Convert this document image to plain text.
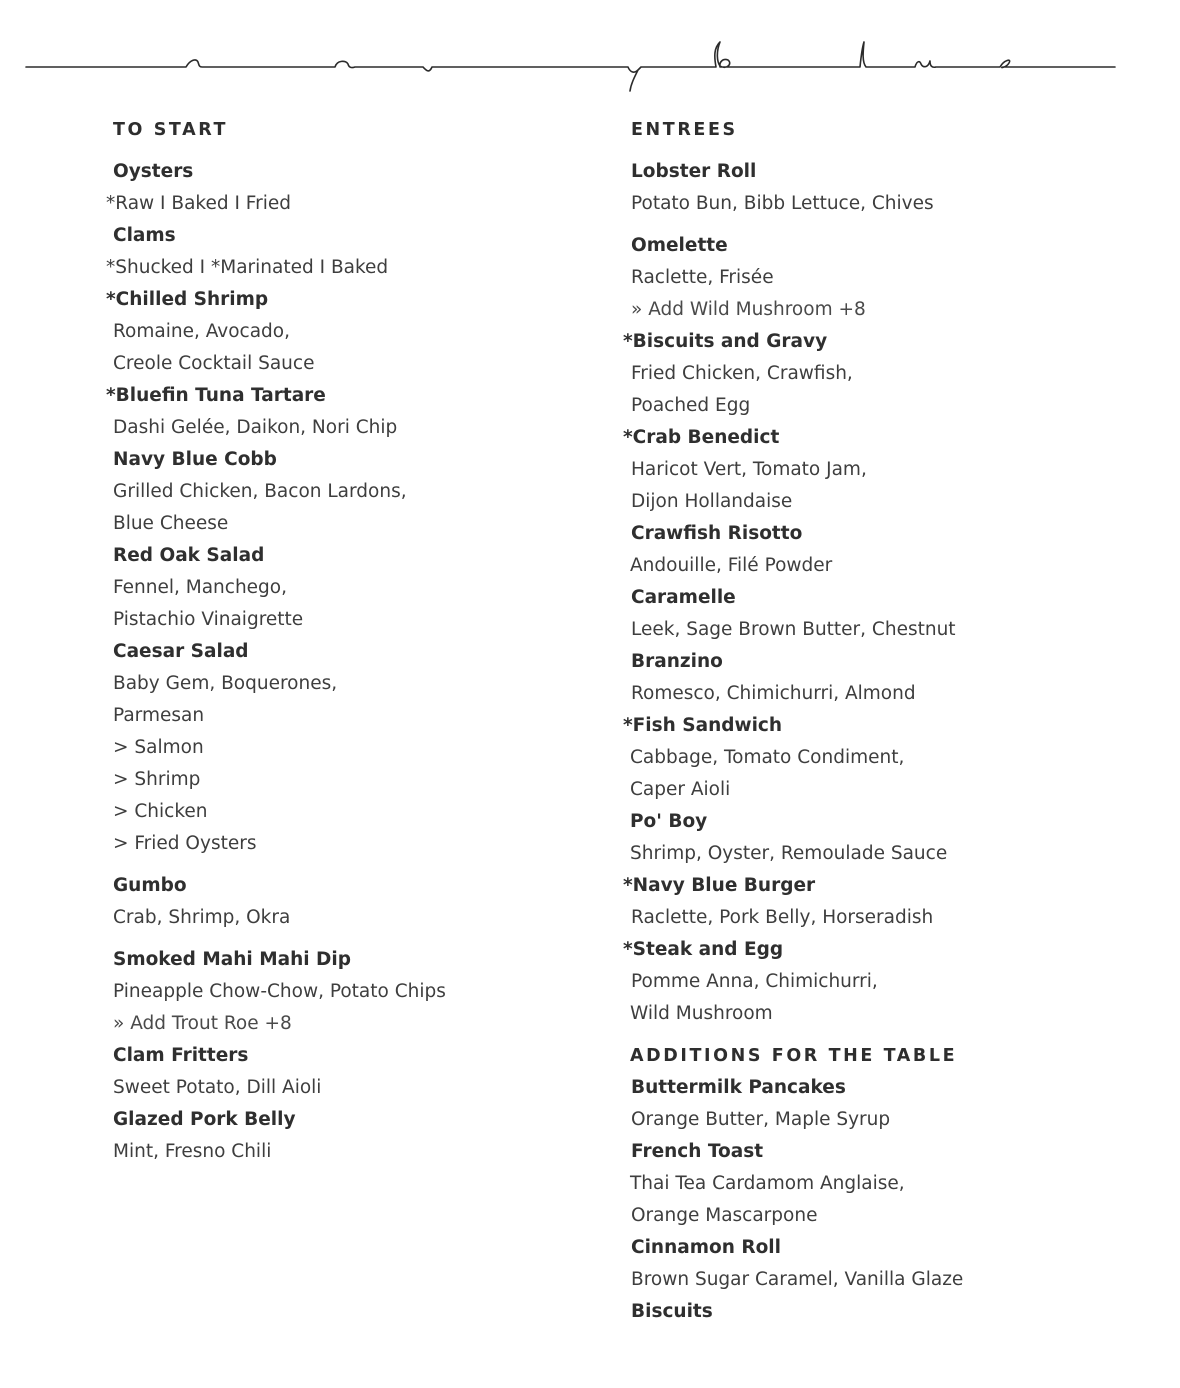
TO START
Oysters
*Raw I Baked I Fried
Clams
*Shucked I *Marinated I Baked
*Chilled Shrimp
Romaine, Avocado,
Creole Cocktail Sauce
*Bluefin Tuna Tartare
Dashi Gelée, Daikon, Nori Chip
Navy Blue Cobb
Grilled Chicken, Bacon Lardons,
Blue Cheese
Red Oak Salad
Fennel, Manchego,
Pistachio Vinaigrette
Caesar Salad
Baby Gem, Boquerones,
Parmesan
> Salmon
> Shrimp
> Chicken
> Fried Oysters
Gumbo
Crab, Shrimp, Okra
Smoked Mahi Mahi Dip
Pineapple Chow-Chow, Potato Chips
» Add Trout Roe +8
Clam Fritters
Sweet Potato, Dill Aioli
Glazed Pork Belly
Mint, Fresno Chili
ENTREES
Lobster Roll
Potato Bun, Bibb Lettuce, Chives
Omelette
Raclette, Frisée
» Add Wild Mushroom +8
*Biscuits and Gravy
Fried Chicken, Crawfish,
Poached Egg
*Crab Benedict
Haricot Vert, Tomato Jam,
Dijon Hollandaise
Crawfish Risotto
Andouille, Filé Powder
Caramelle
Leek, Sage Brown Butter, Chestnut
Branzino
Romesco, Chimichurri, Almond
*Fish Sandwich
Cabbage, Tomato Condiment,
Caper Aioli
Po' Boy
Shrimp, Oyster, Remoulade Sauce
*Navy Blue Burger
Raclette, Pork Belly, Horseradish
*Steak and Egg
Pomme Anna, Chimichurri,
Wild Mushroom
ADDITIONS FOR THE TABLE
Buttermilk Pancakes
Orange Butter, Maple Syrup
French Toast
Thai Tea Cardamom Anglaise,
Orange Mascarpone
Cinnamon Roll
Brown Sugar Caramel, Vanilla Glaze
Biscuits
